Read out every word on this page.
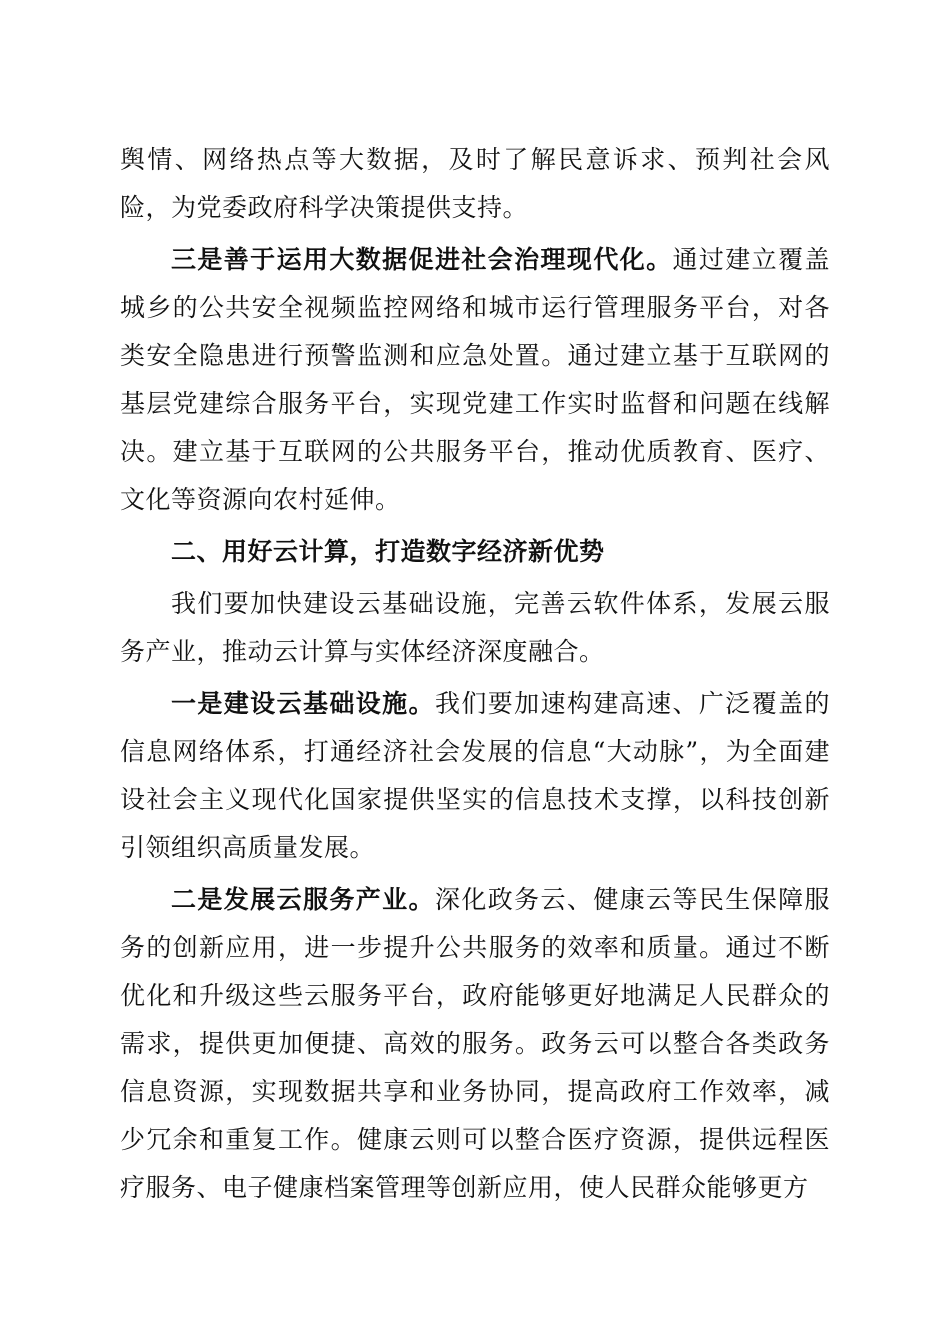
舆情、网络热点等大数据，及时了解民意诉求、预判社会风险，为党委政府科学决策提供支持。

三是善于运用大数据促进社会治理现代化。通过建立覆盖城乡的公共安全视频监控网络和城市运行管理服务平台，对各类安全隐患进行预警监测和应急处置。通过建立基于互联网的基层党建综合服务平台，实现党建工作实时监督和问题在线解决。建立基于互联网的公共服务平台，推动优质教育、医疗、文化等资源向农村延伸。

二、用好云计算，打造数字经济新优势

我们要加快建设云基础设施，完善云软件体系，发展云服务产业，推动云计算与实体经济深度融合。

一是建设云基础设施。我们要加速构建高速、广泛覆盖的信息网络体系，打通经济社会发展的信息“大动脉”，为全面建设社会主义现代化国家提供坚实的信息技术支撑，以科技创新引领组织高质量发展。

二是发展云服务产业。深化政务云、健康云等民生保障服务的创新应用，进一步提升公共服务的效率和质量。通过不断优化和升级这些云服务平台，政府能够更好地满足人民群众的需求，提供更加便捷、高效的服务。政务云可以整合各类政务信息资源，实现数据共享和业务协同，提高政府工作效率，减少冗余和重复工作。健康云则可以整合医疗资源，提供远程医疗服务、电子健康档案管理等创新应用，使人民群众能够更方
